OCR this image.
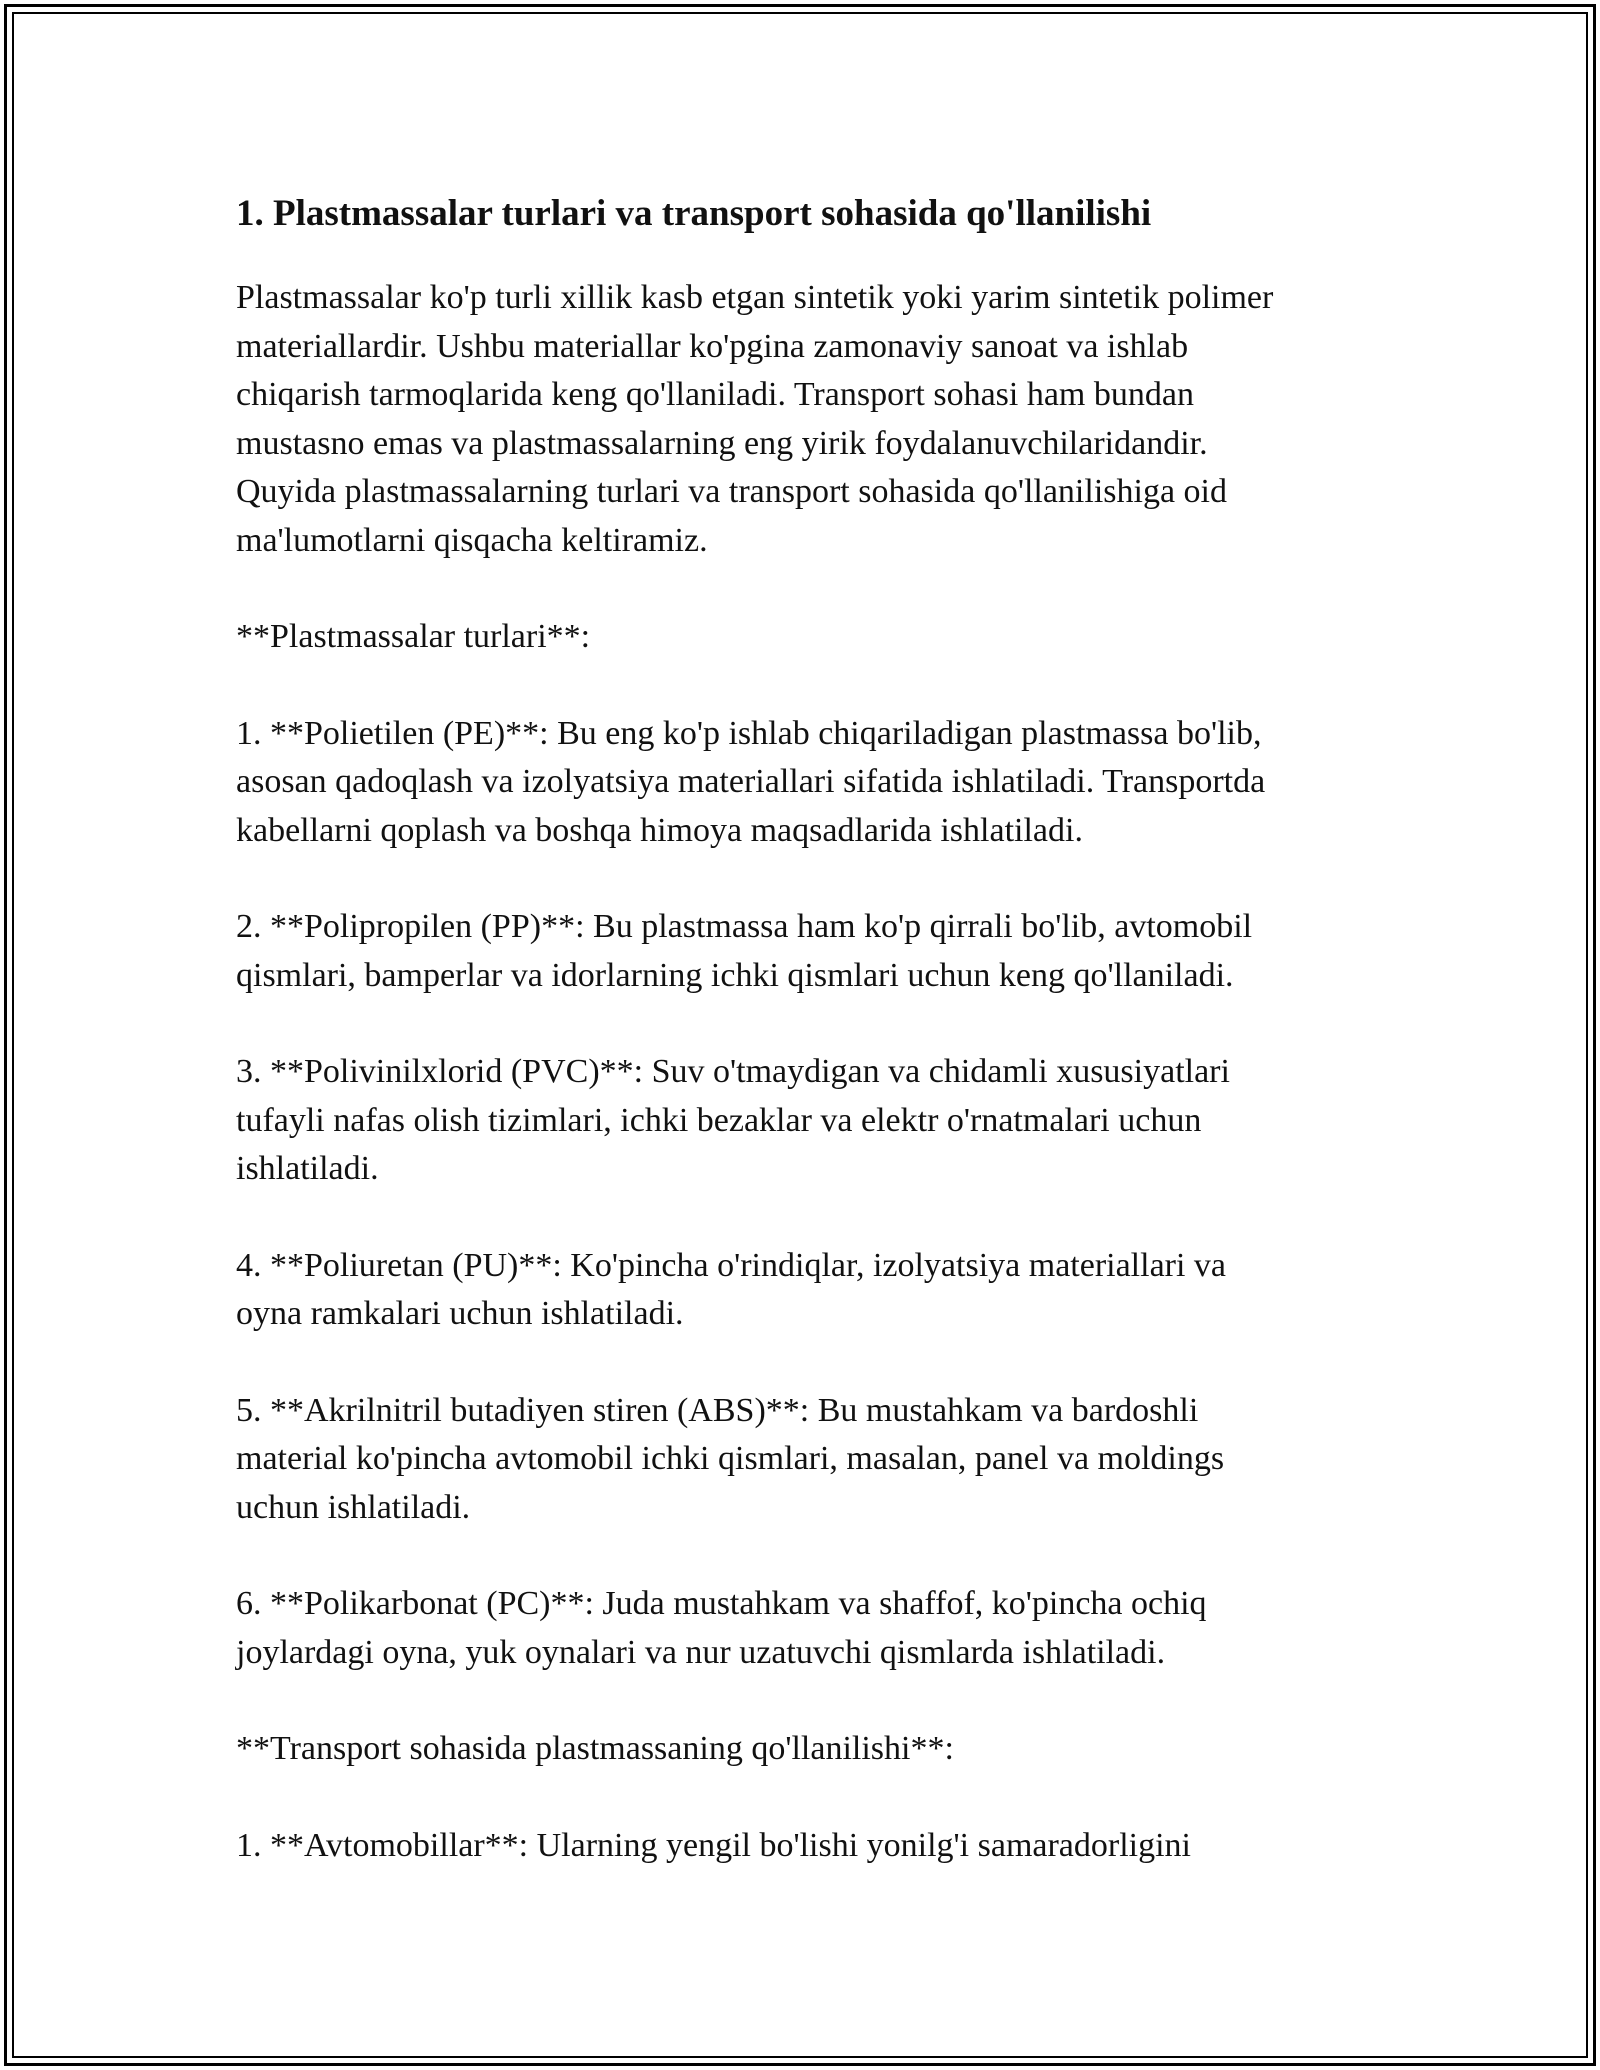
1. Plastmassalar turlari va transport sohasida qo'llanilishi

Plastmassalar ko'p turli xillik kasb etgan sintetik yoki yarim sintetik polimer
materiallardir. Ushbu materiallar ko'pgina zamonaviy sanoat va ishlab
chiqarish tarmoqlarida keng qo'llaniladi. Transport sohasi ham bundan
mustasno emas va plastmassalarning eng yirik foydalanuvchilaridandir.
Quyida plastmassalarning turlari va transport sohasida qo'llanilishiga oid
ma'lumotlarni qisqacha keltiramiz.

**Plastmassalar turlari**:

1. **Polietilen (PE)**: Bu eng ko'p ishlab chiqariladigan plastmassa bo'lib,
asosan qadoqlash va izolyatsiya materiallari sifatida ishlatiladi. Transportda
kabellarni qoplash va boshqa himoya maqsadlarida ishlatiladi.

2. **Polipropilen (PP)**: Bu plastmassa ham ko'p qirrali bo'lib, avtomobil
qismlari, bamperlar va idorlarning ichki qismlari uchun keng qo'llaniladi.

3. **Polivinilxlorid (PVC)**: Suv o'tmaydigan va chidamli xususiyatlari
tufayli nafas olish tizimlari, ichki bezaklar va elektr o'rnatmalari uchun
ishlatiladi.

4. **Poliuretan (PU)**: Ko'pincha o'rindiqlar, izolyatsiya materiallari va
oyna ramkalari uchun ishlatiladi.

5. **Akrilnitril butadiyen stiren (ABS)**: Bu mustahkam va bardoshli
material ko'pincha avtomobil ichki qismlari, masalan, panel va moldings
uchun ishlatiladi.

6. **Polikarbonat (PC)**: Juda mustahkam va shaffof, ko'pincha ochiq
joylardagi oyna, yuk oynalari va nur uzatuvchi qismlarda ishlatiladi.

**Transport sohasida plastmassaning qo'llanilishi**:

1. **Avtomobillar**: Ularning yengil bo'lishi yonilg'i samaradorligini
